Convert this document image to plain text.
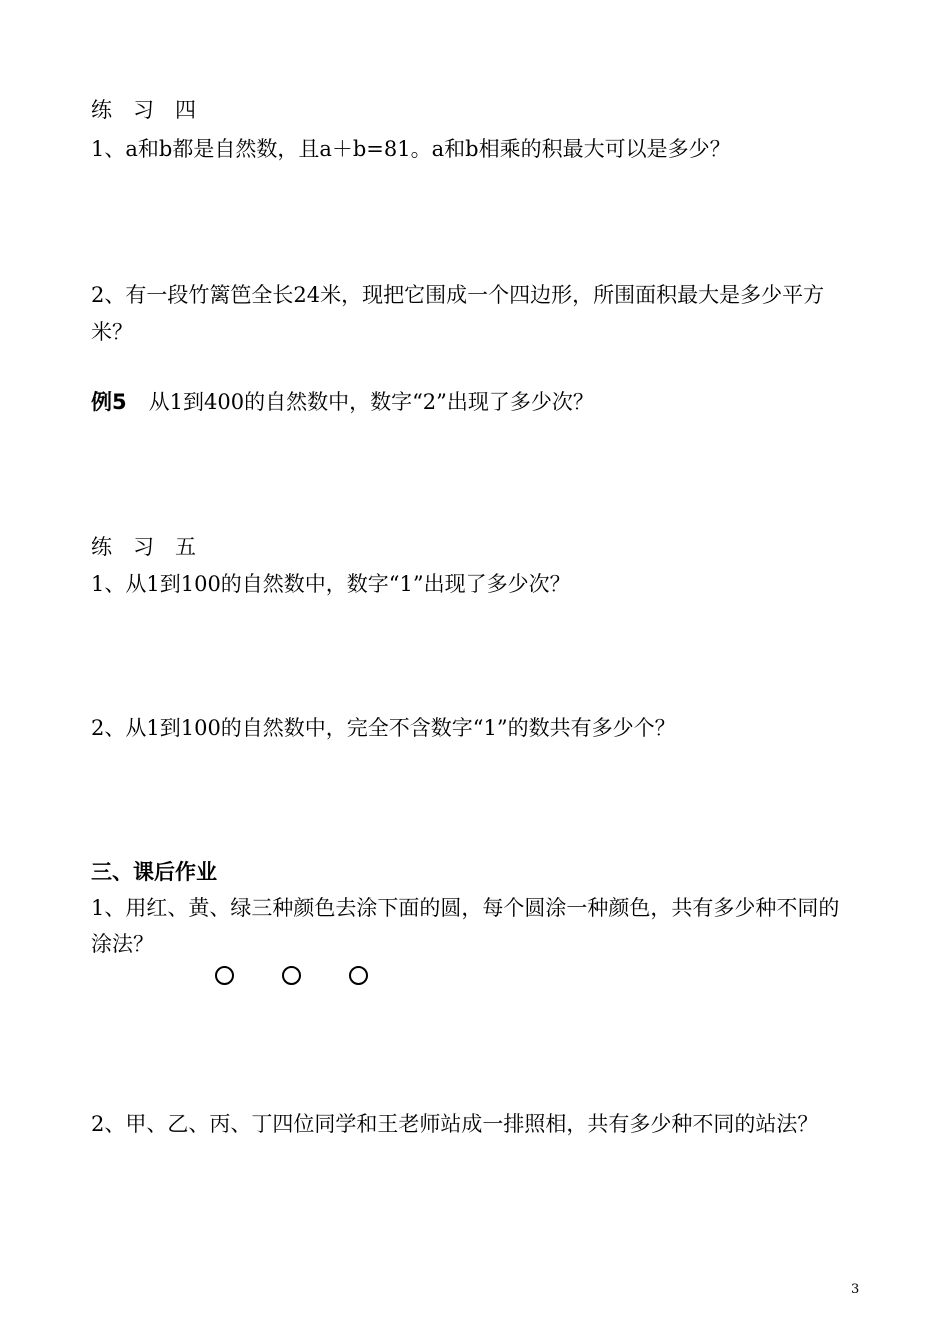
练　习　四
1、a和b都是自然数，且a＋b=81。a和b相乘的积最大可以是多少？
2、有一段竹篱笆全长24米，现把它围成一个四边形，所围面积最大是多少平方
米？
例5 从1到400的自然数中，数字“2”出现了多少次？
练　习　五
1、从1到100的自然数中，数字“1”出现了多少次？
2、从1到100的自然数中，完全不含数字“1”的数共有多少个？
三、课后作业
1、用红、黄、绿三种颜色去涂下面的圆，每个圆涂一种颜色，共有多少种不同的
涂法？
2、甲、乙、丙、丁四位同学和王老师站成一排照相，共有多少种不同的站法？
3
